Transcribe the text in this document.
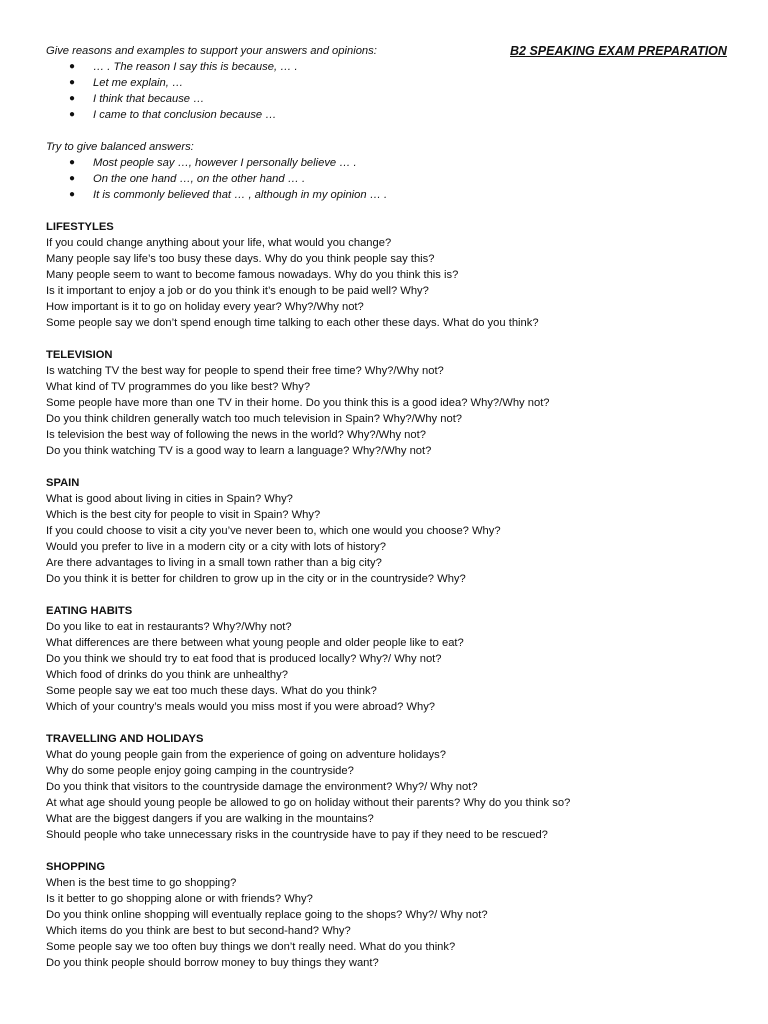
B2 SPEAKING EXAM PREPARATION

Give reasons and examples to support your answers and opinions:

● … . The reason I say this is because, … .
● Let me explain, …
● I think that because …
● I came to that conclusion because …

Try to give balanced answers:

● Most people say …, however I personally believe … .
● On the one hand …, on the other hand … .
● It is commonly believed that … , although in my opinion … .

LIFESTYLES

If you could change anything about your life, what would you change?

Many people say life’s too busy these days. Why do you think people say this?

Many people seem to want to become famous nowadays. Why do you think this is?

Is it important to enjoy a job or do you think it’s enough to be paid well? Why?

How important is it to go on holiday every year? Why?/Why not?

Some people say we don’t spend enough time talking to each other these days. What do you think?

TELEVISION

Is watching TV the best way for people to spend their free time? Why?/Why not?

What kind of TV programmes do you like best? Why?

Some people have more than one TV in their home. Do you think this is a good idea? Why?/Why not?

Do you think children generally watch too much television in Spain? Why?/Why not?

Is television the best way of following the news in the world? Why?/Why not?

Do you think watching TV is a good way to learn a language? Why?/Why not?

SPAIN

What is good about living in cities in Spain? Why?

Which is the best city for people to visit in Spain? Why?

If you could choose to visit a city you’ve never been to, which one would you choose? Why?

Would you prefer to live in a modern city or a city with lots of history?

Are there advantages to living in a small town rather than a big city?

Do you think it is better for children to grow up in the city or in the countryside? Why?

EATING HABITS

Do you like to eat in restaurants? Why?/Why not?

What differences are there between what young people and older people like to eat?

Do you think we should try to eat food that is produced locally? Why?/ Why not?

Which food of drinks do you think are unhealthy?

Some people say we eat too much these days. What do you think?

Which of your country’s meals would you miss most if you were abroad? Why?

TRAVELLING AND HOLIDAYS

What do young people gain from the experience of going on adventure holidays?

Why do some people enjoy going camping in the countryside?

Do you think that visitors to the countryside damage the environment? Why?/ Why not?

At what age should young people be allowed to go on holiday without their parents? Why do you think so?

What are the biggest dangers if you are walking in the mountains?

Should people who take unnecessary risks in the countryside have to pay if they need to be rescued?

SHOPPING

When is the best time to go shopping?

Is it better to go shopping alone or with friends? Why?

Do you think online shopping will eventually replace going to the shops? Why?/ Why not?

Which items do you think are best to but second-hand? Why?

Some people say we too often buy things we don’t really need. What do you think?

Do you think people should borrow money to buy things they want?
